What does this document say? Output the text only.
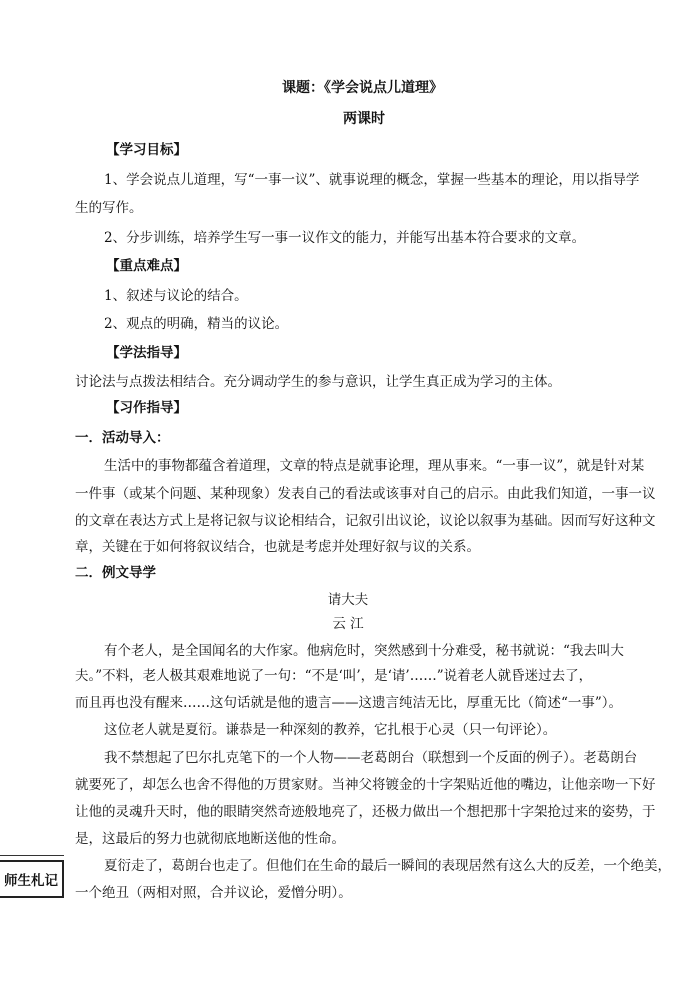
课题：《学会说点儿道理》
两课时
【学习目标】
1、学会说点儿道理，写“一事一议”、就事说理的概念，掌握一些基本的理论，用以指导学
生的写作。
2、分步训练，培养学生写一事一议作文的能力，并能写出基本符合要求的文章。
【重点难点】
1、叙述与议论的结合。
2、观点的明确，精当的议论。
【学法指导】
讨论法与点拨法相结合。充分调动学生的参与意识，让学生真正成为学习的主体。
【习作指导】
一．活动导入：
生活中的事物都蕴含着道理，文章的特点是就事论理，理从事来。“一事一议”，就是针对某
一件事（或某个问题、某种现象）发表自己的看法或该事对自己的启示。由此我们知道，一事一议
的文章在表达方式上是将记叙与议论相结合，记叙引出议论，议论以叙事为基础。因而写好这种文
章，关键在于如何将叙议结合，也就是考虑并处理好叙与议的关系。
二．例文导学
请大夫
云 江
有个老人，是全国闻名的大作家。他病危时，突然感到十分难受，秘书就说：“我去叫大
夫。”不料，老人极其艰难地说了一句：“不是‘叫’，是‘请’……”说着老人就昏迷过去了，
而且再也没有醒来……这句话就是他的遗言——这遗言纯洁无比，厚重无比（简述“一事”）。
这位老人就是夏衍。谦恭是一种深刻的教养，它扎根于心灵（只一句评论）。
我不禁想起了巴尔扎克笔下的一个人物——老葛朗台（联想到一个反面的例子）。老葛朗台
就要死了，却怎么也舍不得他的万贯家财。当神父将镀金的十字架贴近他的嘴边，让他亲吻一下好
让他的灵魂升天时，他的眼睛突然奇迹般地亮了，还极力做出一个想把那十字架抢过来的姿势，于
是，这最后的努力也就彻底地断送他的性命。
夏衍走了，葛朗台也走了。但他们在生命的最后一瞬间的表现居然有这么大的反差，一个绝美，
一个绝丑（两相对照，合并议论，爱憎分明）。
师生札记
